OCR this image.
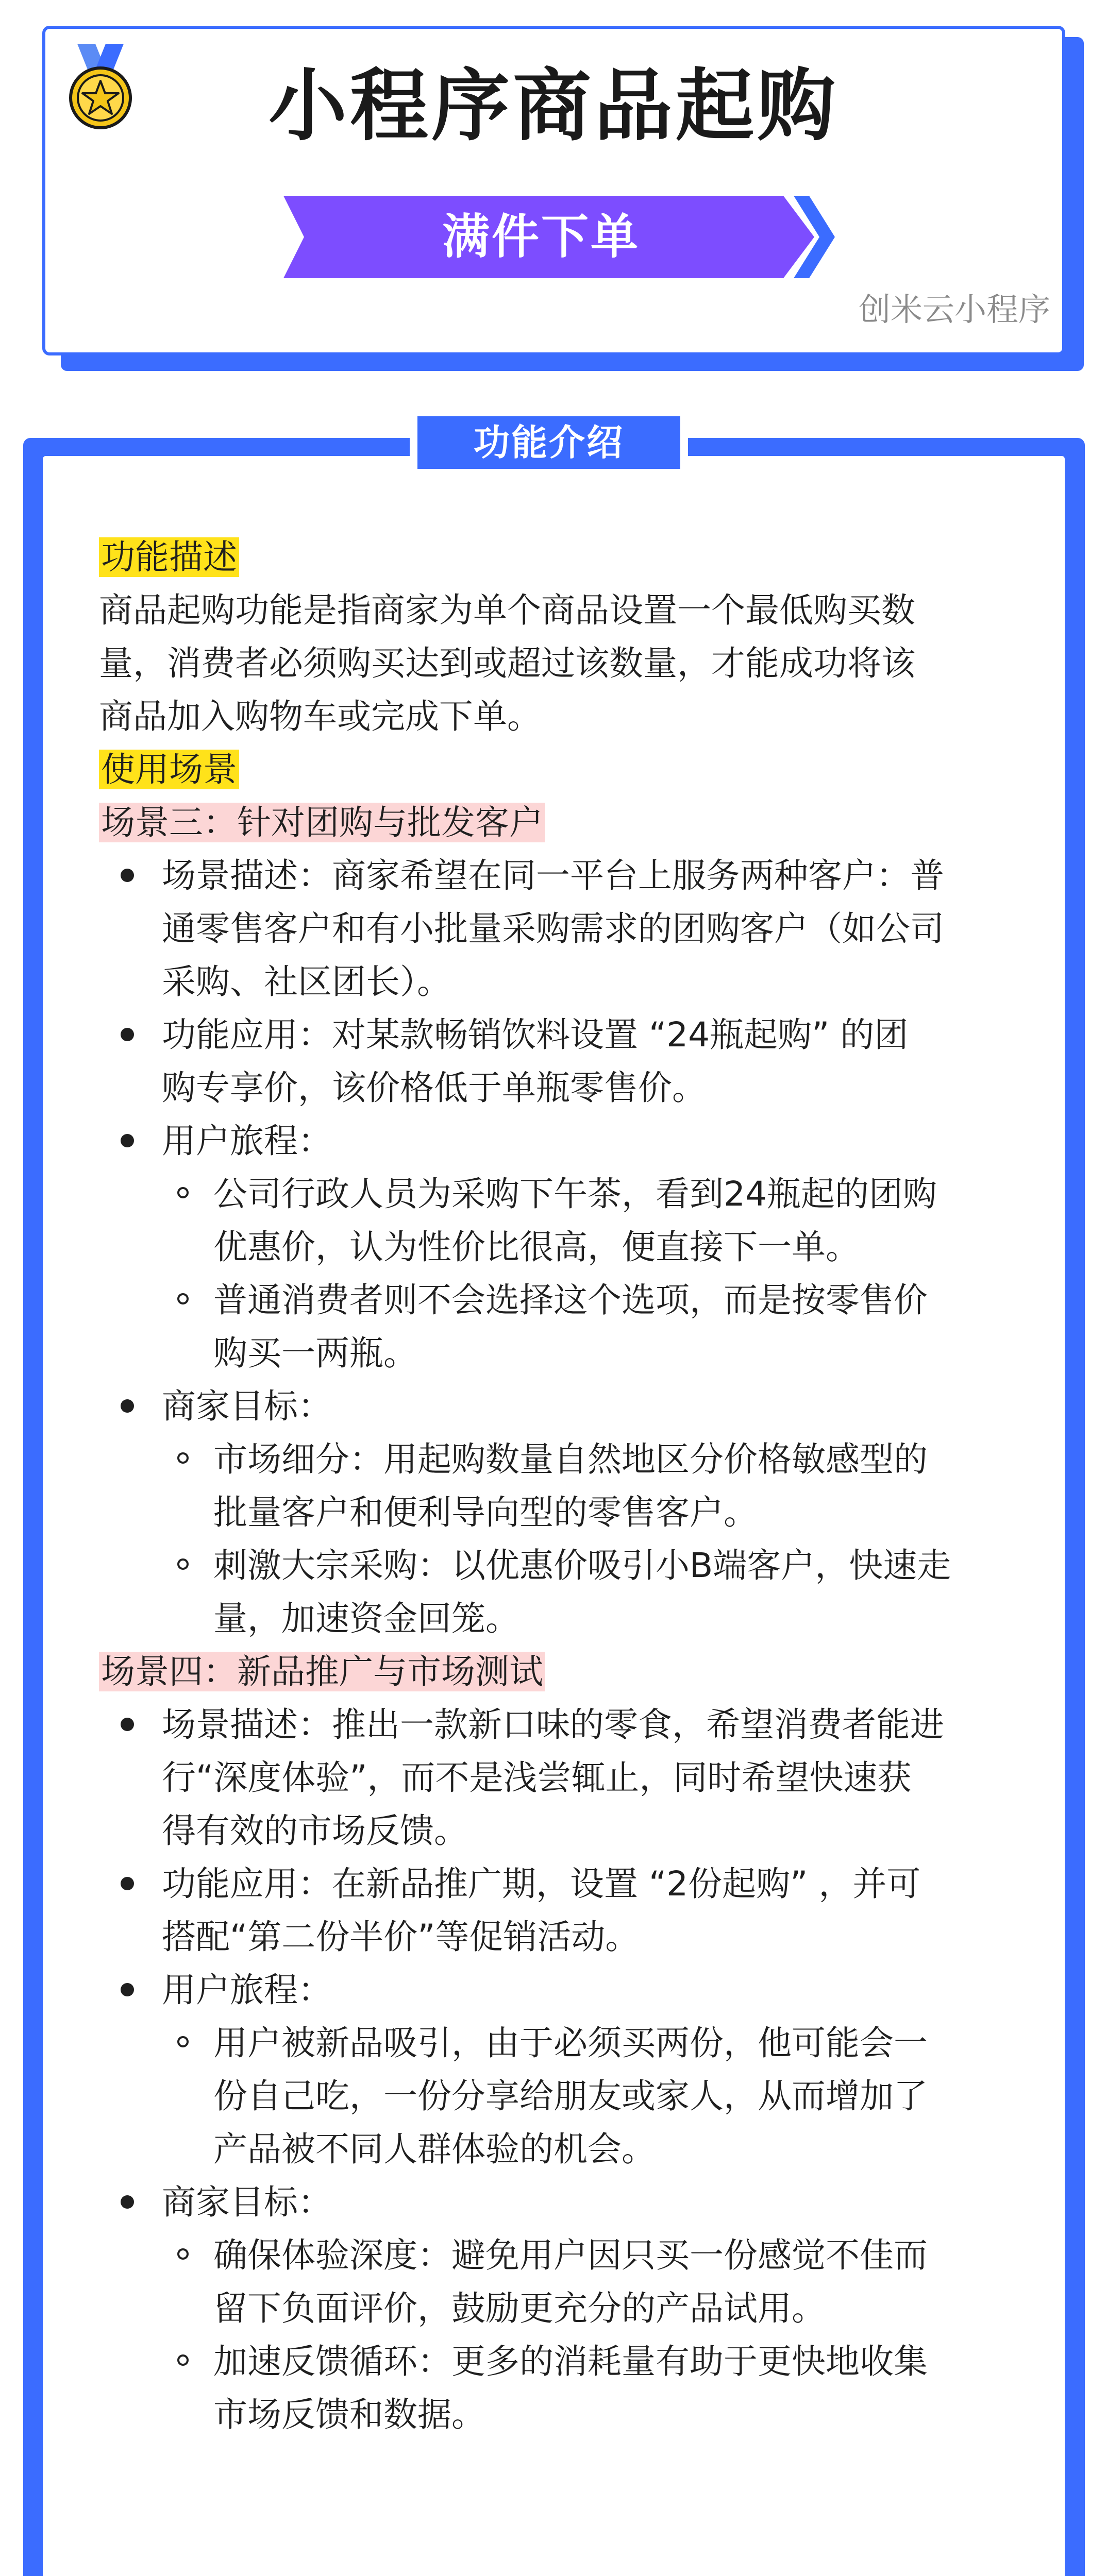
小程序商品起购
满件下单
创米云小程序
功能介绍

功能描述

商品起购功能是指商家为单个商品设置一个最低购买数
量，消费者必须购买达到或超过该数量，才能成功将该
商品加入购物车或完成下单。

使用场景

场景三：针对团购与批发客户

场景描述：商家希望在同一平台上服务两种客户：普
通零售客户和有小批量采购需求的团购客户（如公司
采购、社区团长）。
功能应用：对某款畅销饮料设置 “24瓶起购” 的团
购专享价，该价格低于单瓶零售价。
用户旅程：
公司行政人员为采购下午茶，看到24瓶起的团购
优惠价，认为性价比很高，便直接下一单。
普通消费者则不会选择这个选项，而是按零售价
购买一两瓶。
商家目标：
市场细分：用起购数量自然地区分价格敏感型的
批量客户和便利导向型的零售客户。
刺激大宗采购：以优惠价吸引小B端客户，快速走
量，加速资金回笼。

场景四：新品推广与市场测试

场景描述：推出一款新口味的零食，希望消费者能进
行“深度体验”，而不是浅尝辄止，同时希望快速获
得有效的市场反馈。
功能应用：在新品推广期，设置 “2份起购” ，并可
搭配“第二份半价”等促销活动。
用户旅程：
用户被新品吸引，由于必须买两份，他可能会一
份自己吃，一份分享给朋友或家人，从而增加了
产品被不同人群体验的机会。
商家目标：
确保体验深度：避免用户因只买一份感觉不佳而
留下负面评价，鼓励更充分的产品试用。
加速反馈循环：更多的消耗量有助于更快地收集
市场反馈和数据。
